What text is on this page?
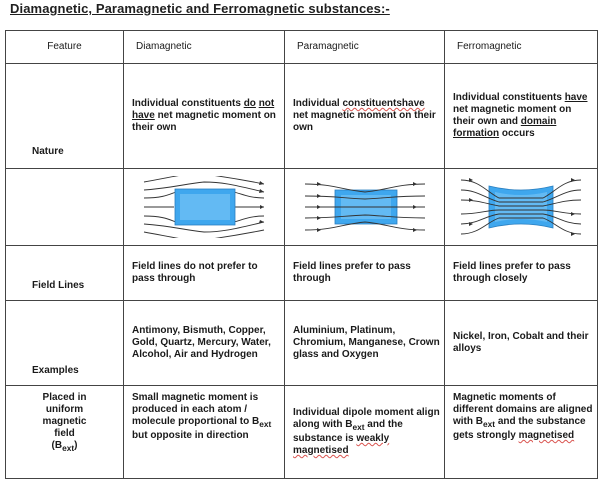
Diamagnetic, Paramagnetic and Ferromagnetic substances:-
Feature	Diamagnetic	Paramagnetic	Ferromagnetic
Nature	Individual constituents do not have net magnetic moment on their own	Individual constituentshave net magnetic moment on their own	Individual constituents have net magnetic moment on their own and domain formation occurs

Field Lines	Field lines do not prefer to pass through	Field lines prefer to pass through	Field lines prefer to pass through closely
Examples	Antimony, Bismuth, Copper, Gold, Quartz, Mercury, Water, Alcohol, Air and Hydrogen	Aluminium, Platinum, Chromium, Manganese, Crown glass and Oxygen	Nickel, Iron, Cobalt and their alloys
Placed in
uniform
magnetic
field
$(B_{ext})$	Small magnetic moment is produced in each atom / molecule proportional to $B_{ext}$ but opposite in direction	Individual dipole moment align along with $B_{ext}$ and the substance is weakly magnetised	Magnetic moments of different domains are aligned with $B_{ext}$ and the substance gets strongly magnetised
